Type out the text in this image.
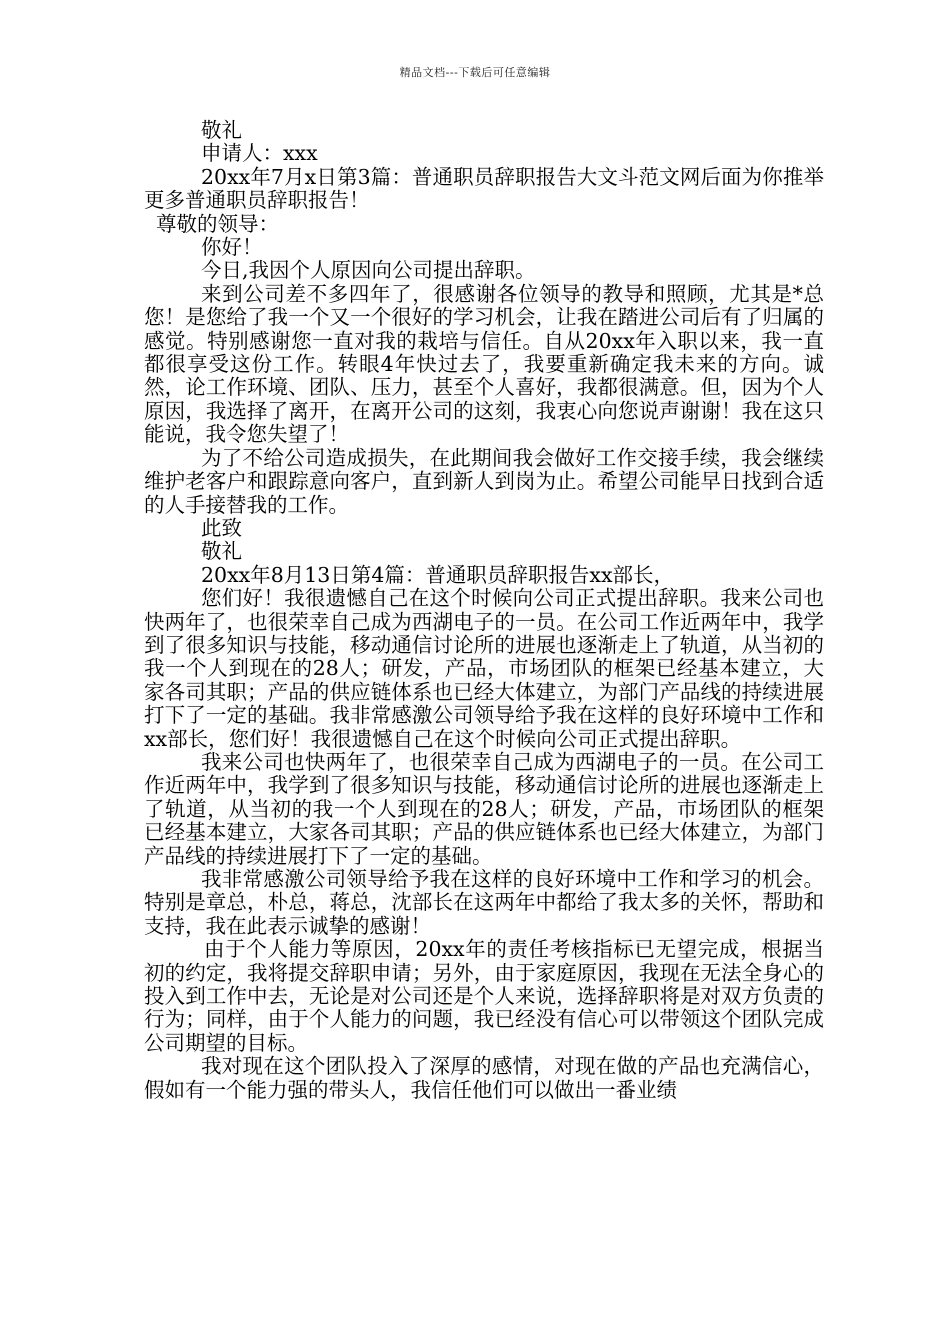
精品文档---下载后可任意编辑

敬礼

申请人：xxx

20xx年7月x日第3篇：普通职员辞职报告大文斗范文网后面为你推举更多普通职员辞职报告！

尊敬的领导：

你好！

今日,我因个人原因向公司提出辞职。

来到公司差不多四年了，很感谢各位领导的教导和照顾，尤其是*总您！是您给了我一个又一个很好的学习机会，让我在踏进公司后有了归属的感觉。特别感谢您一直对我的栽培与信任。自从20xx年入职以来，我一直都很享受这份工作。转眼4年快过去了，我要重新确定我未来的方向。诚然，论工作环境、团队、压力，甚至个人喜好，我都很满意。但，因为个人原因，我选择了离开，在离开公司的这刻，我衷心向您说声谢谢！我在这只能说，我令您失望了！

为了不给公司造成损失，在此期间我会做好工作交接手续，我会继续维护老客户和跟踪意向客户，直到新人到岗为止。希望公司能早日找到合适的人手接替我的工作。

此致

敬礼

20xx年8月13日第4篇：普通职员辞职报告xx部长，

您们好！我很遗憾自己在这个时候向公司正式提出辞职。我来公司也快两年了，也很荣幸自己成为西湖电子的一员。在公司工作近两年中，我学到了很多知识与技能，移动通信讨论所的进展也逐渐走上了轨道，从当初的我一个人到现在的28人；研发，产品，市场团队的框架已经基本建立，大家各司其职；产品的供应链体系也已经大体建立，为部门产品线的持续进展打下了一定的基础。我非常感激公司领导给予我在这样的良好环境中工作和xx部长，您们好！我很遗憾自己在这个时候向公司正式提出辞职。

我来公司也快两年了，也很荣幸自己成为西湖电子的一员。在公司工作近两年中，我学到了很多知识与技能，移动通信讨论所的进展也逐渐走上了轨道，从当初的我一个人到现在的28人；研发，产品，市场团队的框架已经基本建立，大家各司其职；产品的供应链体系也已经大体建立，为部门产品线的持续进展打下了一定的基础。

我非常感激公司领导给予我在这样的良好环境中工作和学习的机会。特别是章总，朴总，蒋总，沈部长在这两年中都给了我太多的关怀，帮助和支持，我在此表示诚挚的感谢！

由于个人能力等原因，20xx年的责任考核指标已无望完成，根据当初的约定，我将提交辞职申请；另外，由于家庭原因，我现在无法全身心的投入到工作中去，无论是对公司还是个人来说，选择辞职将是对双方负责的行为；同样，由于个人能力的问题，我已经没有信心可以带领这个团队完成公司期望的目标。

我对现在这个团队投入了深厚的感情，对现在做的产品也充满信心，假如有一个能力强的带头人，我信任他们可以做出一番业绩
